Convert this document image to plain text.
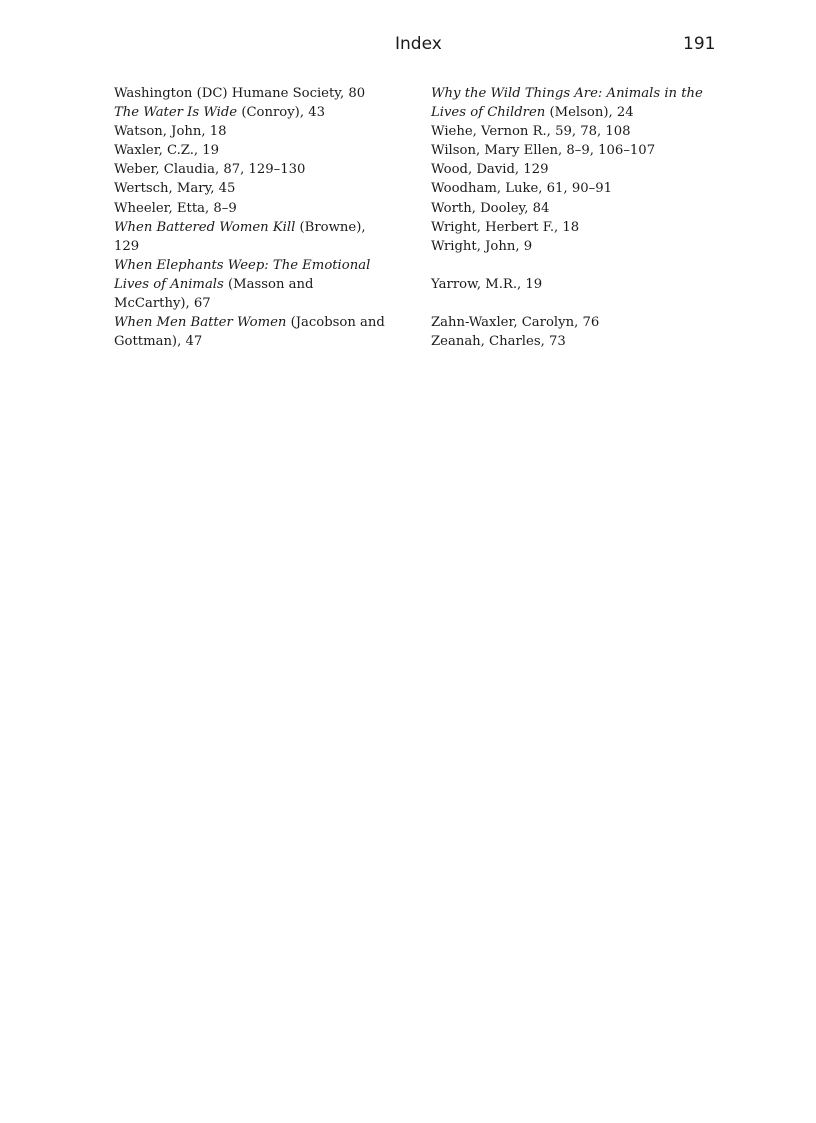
Index	191
Washington (DC) Humane Society, 80
The Water Is Wide (Conroy), 43
Watson, John, 18
Waxler, C.Z., 19
Weber, Claudia, 87, 129–130
Wertsch, Mary, 45
Wheeler, Etta, 8–9
When Battered Women Kill (Browne),
129
When Elephants Weep: The Emotional
Lives of Animals (Masson and
McCarthy), 67
When Men Batter Women (Jacobson and
Gottman), 47
Why the Wild Things Are: Animals in the
Lives of Children (Melson), 24
Wiehe, Vernon R., 59, 78, 108
Wilson, Mary Ellen, 8–9, 106–107
Wood, David, 129
Woodham, Luke, 61, 90–91
Worth, Dooley, 84
Wright, Herbert F., 18
Wright, John, 9
Yarrow, M.R., 19
Zahn-Waxler, Carolyn, 76
Zeanah, Charles, 73
